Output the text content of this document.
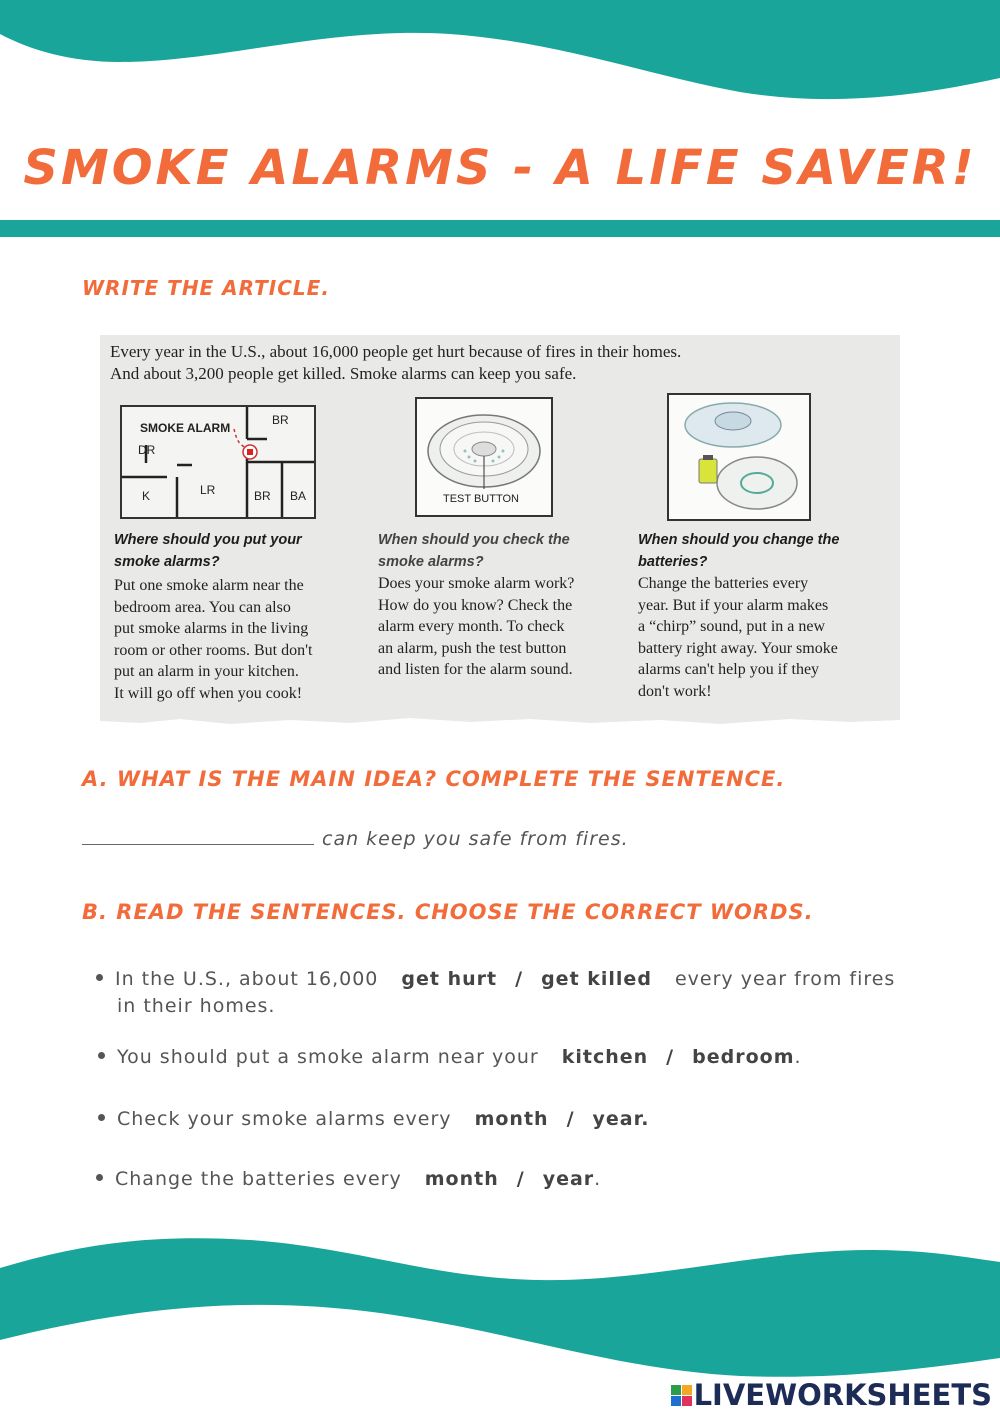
SMOKE ALARMS - A LIFE SAVER!
WRITE THE ARTICLE.

Every year in the U.S., about 16,000 people get hurt because of fires in their homes.
And about 3,200 people get killed. Smoke alarms can keep you safe.
SMOKE ALARM
BR
DR
K	LR	BR BA	TEST BUTTON
Where should you put your
smoke alarms?
Put one smoke alarm near the
bedroom area. You can also
put smoke alarms in the living
room or other rooms. But don't
put an alarm in your kitchen.
It will go off when you cook!
When should you check the
smoke alarms?
Does your smoke alarm work?
How do you know? Check the
alarm every month. To check
an alarm, push the test button
and listen for the alarm sound.
When should you change the
batteries?
Change the batteries every
year. But if your alarm makes
a “chirp” sound, put in a new
battery right away. Your smoke
alarms can't help you if they
don't work!
A. WHAT IS THE MAIN IDEA? COMPLETE THE SENTENCE.
can keep you safe from fires.
B. READ THE SENTENCES. CHOOSE THE CORRECT WORDS.
In the U.S., about 16,000 get hurt / get killed every year from fires
in their homes.
You should put a smoke alarm near your kitchen / bedroom.
Check your smoke alarms every month / year.
Change the batteries every month / year.
LIVEWORKSHEETS
